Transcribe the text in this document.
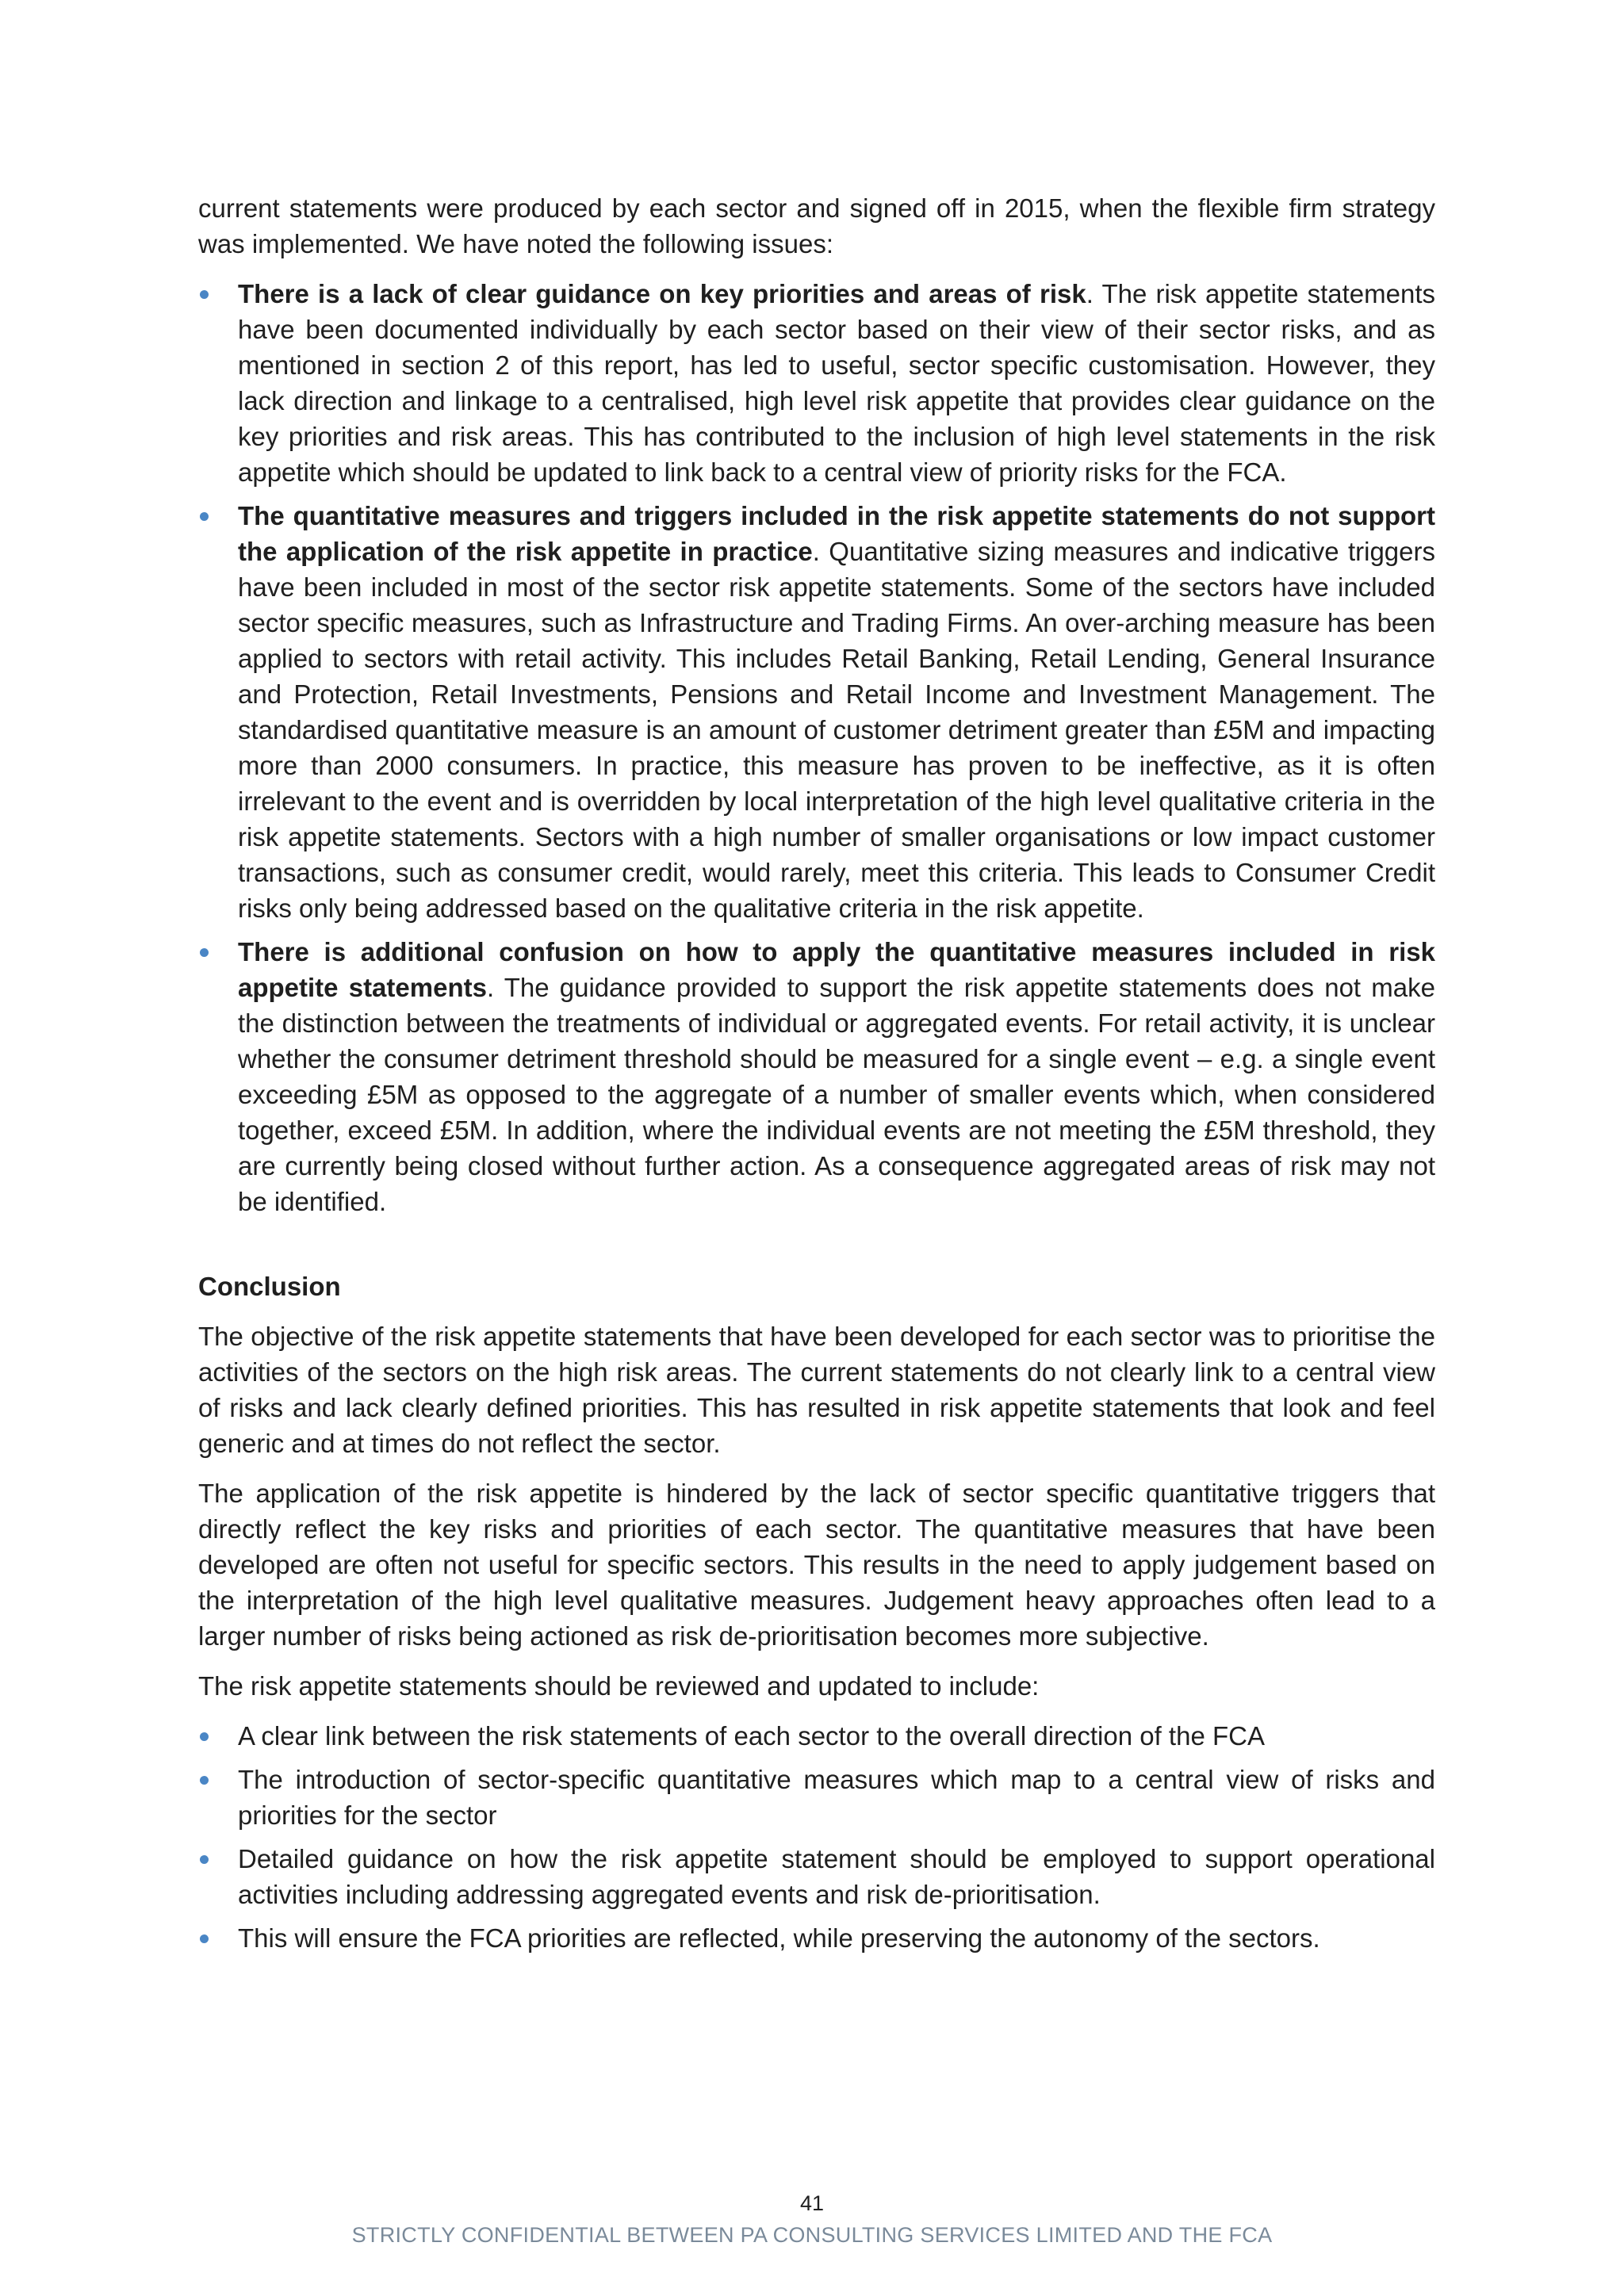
current statements were produced by each sector and signed off in 2015, when the flexible firm strategy was implemented. We have noted the following issues:

There is a lack of clear guidance on key priorities and areas of risk. The risk appetite statements have been documented individually by each sector based on their view of their sector risks, and as mentioned in section 2 of this report, has led to useful, sector specific customisation. However, they lack direction and linkage to a centralised, high level risk appetite that provides clear guidance on the key priorities and risk areas. This has contributed to the inclusion of high level statements in the risk appetite which should be updated to link back to a central view of priority risks for the FCA.
The quantitative measures and triggers included in the risk appetite statements do not support the application of the risk appetite in practice. Quantitative sizing measures and indicative triggers have been included in most of the sector risk appetite statements. Some of the sectors have included sector specific measures, such as Infrastructure and Trading Firms. An over-arching measure has been applied to sectors with retail activity. This includes Retail Banking, Retail Lending, General Insurance and Protection, Retail Investments, Pensions and Retail Income and Investment Management. The standardised quantitative measure is an amount of customer detriment greater than £5M and impacting more than 2000 consumers. In practice, this measure has proven to be ineffective, as it is often irrelevant to the event and is overridden by local interpretation of the high level qualitative criteria in the risk appetite statements. Sectors with a high number of smaller organisations or low impact customer transactions, such as consumer credit, would rarely, meet this criteria. This leads to Consumer Credit risks only being addressed based on the qualitative criteria in the risk appetite.
There is additional confusion on how to apply the quantitative measures included in risk appetite statements. The guidance provided to support the risk appetite statements does not make the distinction between the treatments of individual or aggregated events. For retail activity, it is unclear whether the consumer detriment threshold should be measured for a single event – e.g. a single event exceeding £5M as opposed to the aggregate of a number of smaller events which, when considered together, exceed £5M. In addition, where the individual events are not meeting the £5M threshold, they are currently being closed without further action. As a consequence aggregated areas of risk may not be identified.
Conclusion

The objective of the risk appetite statements that have been developed for each sector was to prioritise the activities of the sectors on the high risk areas. The current statements do not clearly link to a central view of risks and lack clearly defined priorities. This has resulted in risk appetite statements that look and feel generic and at times do not reflect the sector.

The application of the risk appetite is hindered by the lack of sector specific quantitative triggers that directly reflect the key risks and priorities of each sector. The quantitative measures that have been developed are often not useful for specific sectors. This results in the need to apply judgement based on the interpretation of the high level qualitative measures. Judgement heavy approaches often lead to a larger number of risks being actioned as risk de-prioritisation becomes more subjective.

The risk appetite statements should be reviewed and updated to include:

A clear link between the risk statements of each sector to the overall direction of the FCA
The introduction of sector-specific quantitative measures which map to a central view of risks and priorities for the sector
Detailed guidance on how the risk appetite statement should be employed to support operational activities including addressing aggregated events and risk de-prioritisation.
This will ensure the FCA priorities are reflected, while preserving the autonomy of the sectors.
41
STRICTLY CONFIDENTIAL BETWEEN PA CONSULTING SERVICES LIMITED AND THE FCA
